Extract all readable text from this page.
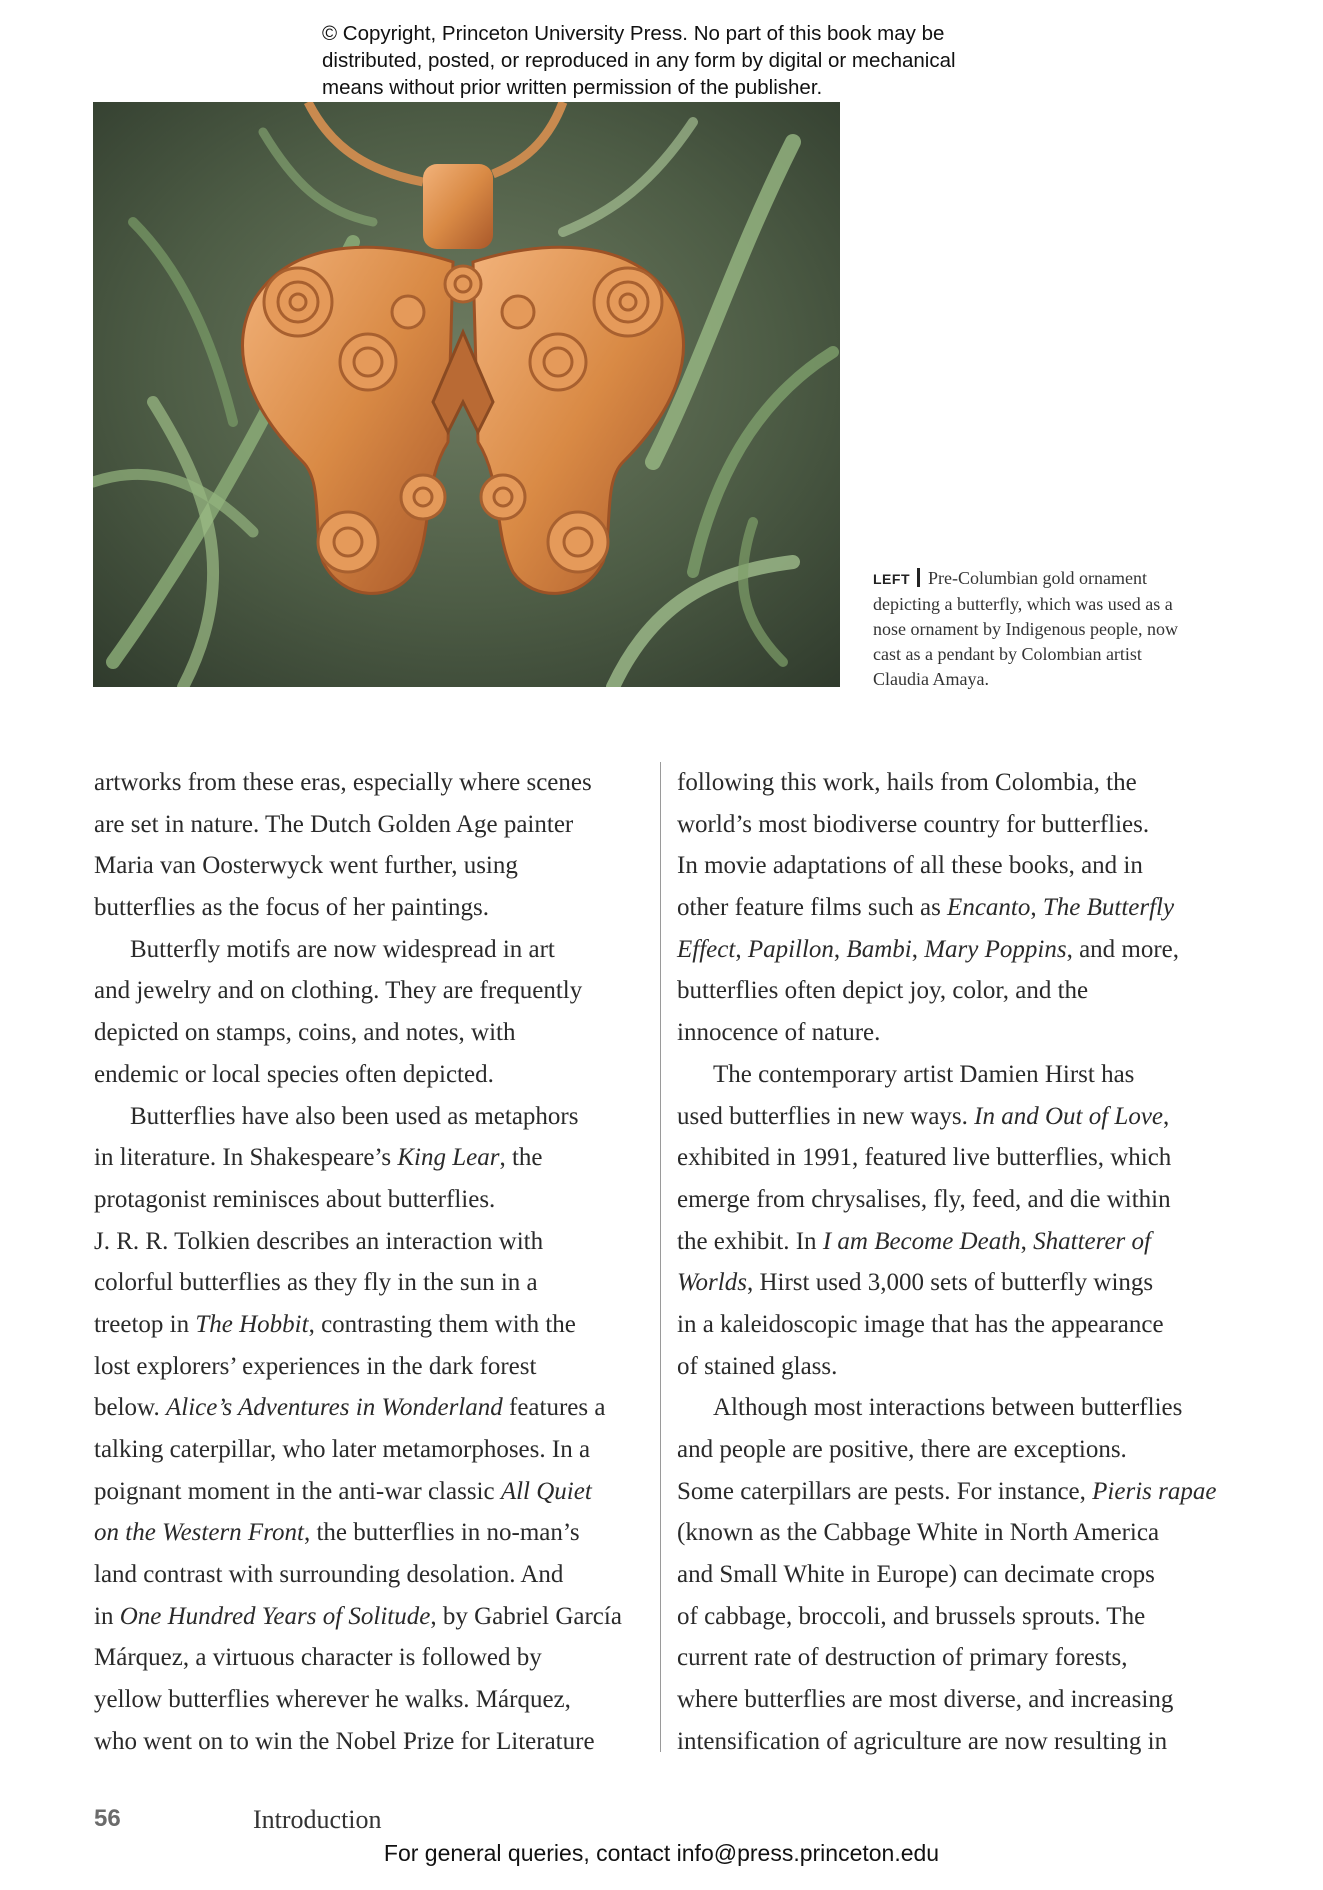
© Copyright, Princeton University Press. No part of this book may be
distributed, posted, or reproduced in any form by digital or mechanical
means without prior written permission of the publisher.
LEFT Pre-Columbian gold ornament
depicting a butterfly, which was used as a
nose ornament by Indigenous people, now
cast as a pendant by Colombian artist
Claudia Amaya.
artworks from these eras, especially where scenes
are set in nature. The Dutch Golden Age painter
Maria van Oosterwyck went further, using
butterflies as the focus of her paintings.
Butterfly motifs are now widespread in art
and jewelry and on clothing. They are frequently
depicted on stamps, coins, and notes, with
endemic or local species often depicted.
Butterflies have also been used as metaphors
in literature. In Shakespeare’s King Lear, the
protagonist reminisces about butterflies.
J. R. R. Tolkien describes an interaction with
colorful butterflies as they fly in the sun in a
treetop in The Hobbit, contrasting them with the
lost explorers’ experiences in the dark forest
below. Alice’s Adventures in Wonderland features a
talking caterpillar, who later metamorphoses. In a
poignant moment in the anti-war classic All Quiet
on the Western Front, the butterflies in no-man’s
land contrast with surrounding desolation. And
in One Hundred Years of Solitude, by Gabriel García
Márquez, a virtuous character is followed by
yellow butterflies wherever he walks. Márquez,
who went on to win the Nobel Prize for Literature
following this work, hails from Colombia, the
world’s most biodiverse country for butterflies.
In movie adaptations of all these books, and in
other feature films such as Encanto, The Butterfly
Effect, Papillon, Bambi, Mary Poppins, and more,
butterflies often depict joy, color, and the
innocence of nature.
The contemporary artist Damien Hirst has
used butterflies in new ways. In and Out of Love,
exhibited in 1991, featured live butterflies, which
emerge from chrysalises, fly, feed, and die within
the exhibit. In I am Become Death, Shatterer of
Worlds, Hirst used 3,000 sets of butterfly wings
in a kaleidoscopic image that has the appearance
of stained glass.
Although most interactions between butterflies
and people are positive, there are exceptions.
Some caterpillars are pests. For instance, Pieris rapae
(known as the Cabbage White in North America
and Small White in Europe) can decimate crops
of cabbage, broccoli, and brussels sprouts. The
current rate of destruction of primary forests,
where butterflies are most diverse, and increasing
intensification of agriculture are now resulting in
56	Introduction
For general queries, contact info@press.princeton.edu
